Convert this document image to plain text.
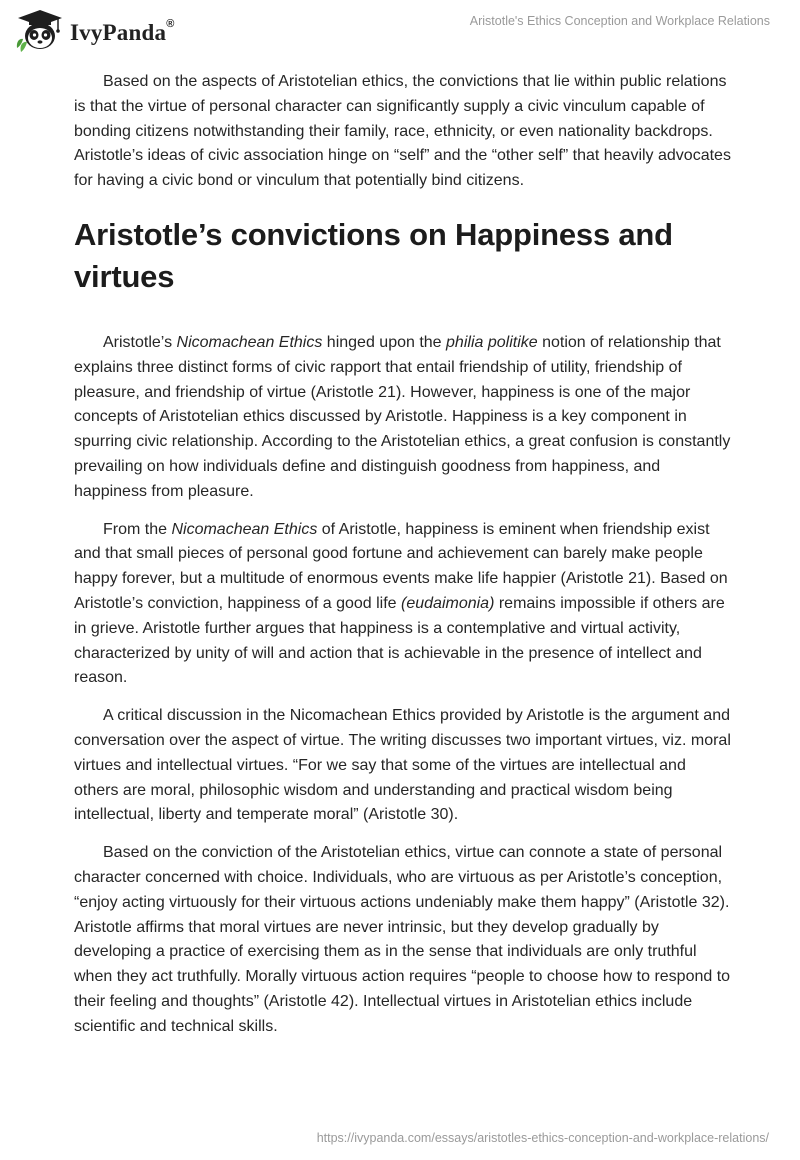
IvyPanda®	Aristotle's Ethics Conception and Workplace Relations

Based on the aspects of Aristotelian ethics, the convictions that lie within public relations is that the virtue of personal character can significantly supply a civic vinculum capable of bonding citizens notwithstanding their family, race, ethnicity, or even nationality backdrops. Aristotle’s ideas of civic association hinge on “self” and the “other self” that heavily advocates for having a civic bond or vinculum that potentially bind citizens.

Aristotle’s convictions on Happiness and virtues

Aristotle’s Nicomachean Ethics hinged upon the philia politike notion of relationship that explains three distinct forms of civic rapport that entail friendship of utility, friendship of pleasure, and friendship of virtue (Aristotle 21). However, happiness is one of the major concepts of Aristotelian ethics discussed by Aristotle. Happiness is a key component in spurring civic relationship. According to the Aristotelian ethics, a great confusion is constantly prevailing on how individuals define and distinguish goodness from happiness, and happiness from pleasure.

From the Nicomachean Ethics of Aristotle, happiness is eminent when friendship exist and that small pieces of personal good fortune and achievement can barely make people happy forever, but a multitude of enormous events make life happier (Aristotle 21). Based on Aristotle’s conviction, happiness of a good life (eudaimonia) remains impossible if others are in grieve. Aristotle further argues that happiness is a contemplative and virtual activity, characterized by unity of will and action that is achievable in the presence of intellect and reason.

A critical discussion in the Nicomachean Ethics provided by Aristotle is the argument and conversation over the aspect of virtue. The writing discusses two important virtues, viz. moral virtues and intellectual virtues. “For we say that some of the virtues are intellectual and others are moral, philosophic wisdom and understanding and practical wisdom being intellectual, liberty and temperate moral” (Aristotle 30).

Based on the conviction of the Aristotelian ethics, virtue can connote a state of personal character concerned with choice. Individuals, who are virtuous as per Aristotle’s conception, “enjoy acting virtuously for their virtuous actions undeniably make them happy” (Aristotle 32). Aristotle affirms that moral virtues are never intrinsic, but they develop gradually by developing a practice of exercising them as in the sense that individuals are only truthful when they act truthfully. Morally virtuous action requires “people to choose how to respond to their feeling and thoughts” (Aristotle 42). Intellectual virtues in Aristotelian ethics include scientific and technical skills.

https://ivypanda.com/essays/aristotles-ethics-conception-and-workplace-relations/
